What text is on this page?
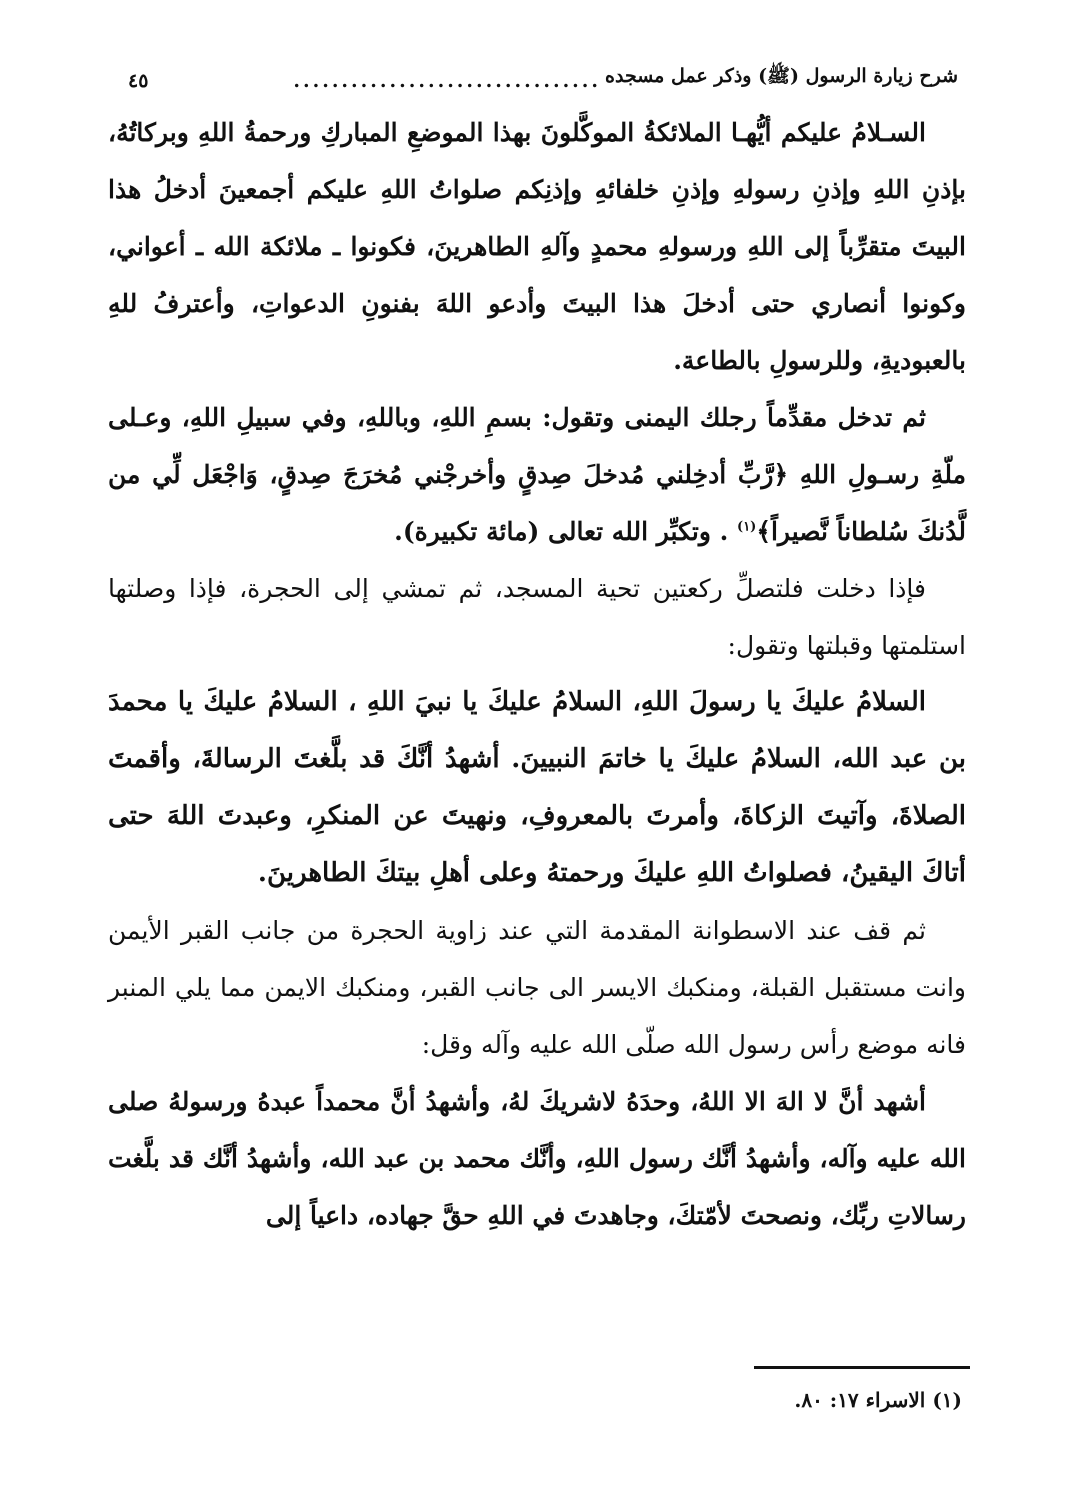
شرح زيارة الرسول (ﷺ) وذكر عمل مسجده
................................
٤٥

السـلامُ عليكم أيُّهـا الملائكةُ الموكَّلونَ بهذا الموضعِ المباركِ ورحمةُ اللهِ وبركاتُهُ، بإذنِ اللهِ وإذنِ رسولهِ وإذنِ خلفائهِ وإذنِكم صلواتُ اللهِ عليكم أجمعينَ أدخلُ هذا البيتَ متقرِّباً إلى اللهِ ورسولهِ محمدٍ وآلهِ الطاهرينَ، فكونوا ـ ملائكة الله ـ أعواني، وكونوا أنصاري حتى أدخلَ هذا البيتَ وأدعو اللهَ بفنونِ الدعواتِ، وأعترفُ للهِ بالعبوديةِ، وللرسولِ بالطاعة.

ثم تدخل مقدِّماً رجلك اليمنى وتقول: بسمِ اللهِ، وباللهِ، وفي سبيلِ اللهِ، وعـلى ملّةِ رسـولِ اللهِ ﴿رَّبِّ أدخِلني مُدخلَ صِدقٍ وأخرجْني مُخرَجَ صِدقٍ، وَاجْعَل لِّي من لَّدُنكَ سُلطاناً نَّصيراً﴾$^{(١)}$ . وتكبِّر الله تعالى (مائة تكبيرة).

فإذا دخلت فلتصلِّ ركعتين تحية المسجد، ثم تمشي إلى الحجرة، فإذا وصلتها استلمتها وقبلتها وتقول:

السلامُ عليكَ يا رسولَ اللهِ، السلامُ عليكَ يا نبيَ اللهِ ، السلامُ عليكَ يا محمدَ بن عبد الله، السلامُ عليكَ يا خاتمَ النبيينَ. أشهدُ أنَّكَ قد بلَّغتَ الرسالةَ، وأقمتَ الصلاةَ، وآتيتَ الزكاةَ، وأمرتَ بالمعروفِ، ونهيتَ عن المنكرِ، وعبدتَ اللهَ حتى أتاكَ اليقينُ، فصلواتُ اللهِ عليكَ ورحمتهُ وعلى أهلِ بيتكَ الطاهرينَ.

ثم قف عند الاسطوانة المقدمة التي عند زاوية الحجرة من جانب القبر الأيمن وانت مستقبل القبلة، ومنكبك الايسر الى جانب القبر، ومنكبك الايمن مما يلي المنبر فانه موضع رأس رسول الله صلّى الله عليه وآله وقل:

أشهد أنَّ لا الهَ الا اللهُ، وحدَهُ لاشريكَ لهُ، وأشهدُ أنَّ محمداً عبدهُ ورسولهُ صلى الله عليه وآله، وأشهدُ أنَّك رسول اللهِ، وأنَّك محمد بن عبد الله، وأشهدُ أنَّك قد بلَّغت رسالاتِ ربِّك، ونصحتَ لأمّتكَ، وجاهدتَ في اللهِ حقَّ جهاده، داعياً إلى

(١) الاسراء ١٧: ٨٠.
